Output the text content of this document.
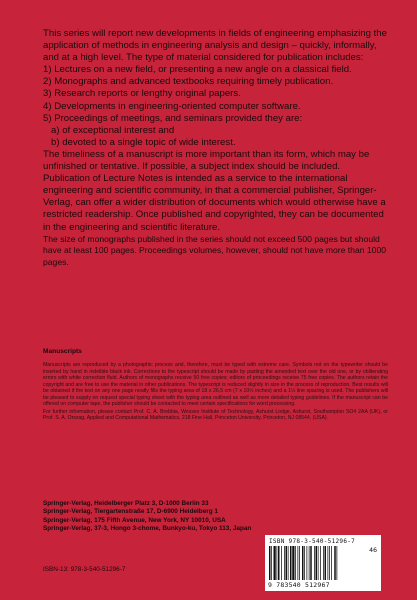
This series will report new developments in fields of engineering emphasizing the application of methods in engineering analysis and design – quickly, informally, and at a high level. The type of material considered for publication includes:

1) Lectures on a new field, or presenting a new angle on a classical field.

2) Monographs and advanced textbooks requiring timely publication.

3) Research reports or lengthy original papers.

4) Developments in engineering-oriented computer software.

5) Proceedings of meetings, and seminars provided they are:

a) of exceptional interest and

b) devoted to a single topic of wide interest.

The timeliness of a manuscript is more important than its form, which may be unfinished or tentative. If possible, a subject index should be included.

Publication of Lecture Notes is intended as a service to the international engineering and scientific community, in that a commercial publisher, Springer-Verlag, can offer a wider distribution of documents which would otherwise have a restricted readership. Once published and copyrighted, they can be documented in the engineering and scientific literature.

The size of monographs published in the series should not exceed 500 pages but should have at least 100 pages. Proceedings volumes, however, should not have more than 1000 pages.

Manuscripts

Manuscripts are reproduced by a photographic process and, therefore, must be typed with extreme care. Symbols not on the typewriter should be inserted by hand in indelible black ink. Corrections to the typescript should be made by pasting the amended text over the old one, or by obliterating errors with white correction fluid. Authors of monographs receive 50 free copies; editors of proceedings receive 75 free copies. The authors retain the copyright and are free to use the material in other publications. The typescript is reduced slightly in size in the process of reproduction. Best results will be obtained if the text on any one page neatly fills the typing area of 18 x 26,5 cm (7 x 10½ inches) and a 1½ line spacing is used. The publishers will be pleased to supply on request special typing sheet with the typing area outlined as well as more detailed typing guidelines. If the manuscript can be offered on computer tape, the publisher should be contacted to meet certain specifications for word processing.

For further information, please contact Prof. C. A. Brebbia, Wessex Institute of Technology, Ashurst Lodge, Ashurst, Southampton SO4 2AA (UK), or Prof. S. A. Orszag, Applied and Computational Mathematics, 218 Fine Hall, Princeton University, Princeton, NJ 08544, (USA).

Springer-Verlag, Heidelberger Platz 3, D-1000 Berlin 33
Springer-Verlag, Tiergartenstraße 17, D-6900 Heidelberg 1
Springer-Verlag, 175 Fifth Avenue, New York, NY 10010, USA
Springer-Verlag, 37-3, Hongo 3-chome, Bunkyo-ku, Tokyo 113, Japan
ISBN-13: 978-3-540-51296-7
ISBN 978-3-540-51296-7
46
9 783540 512967
